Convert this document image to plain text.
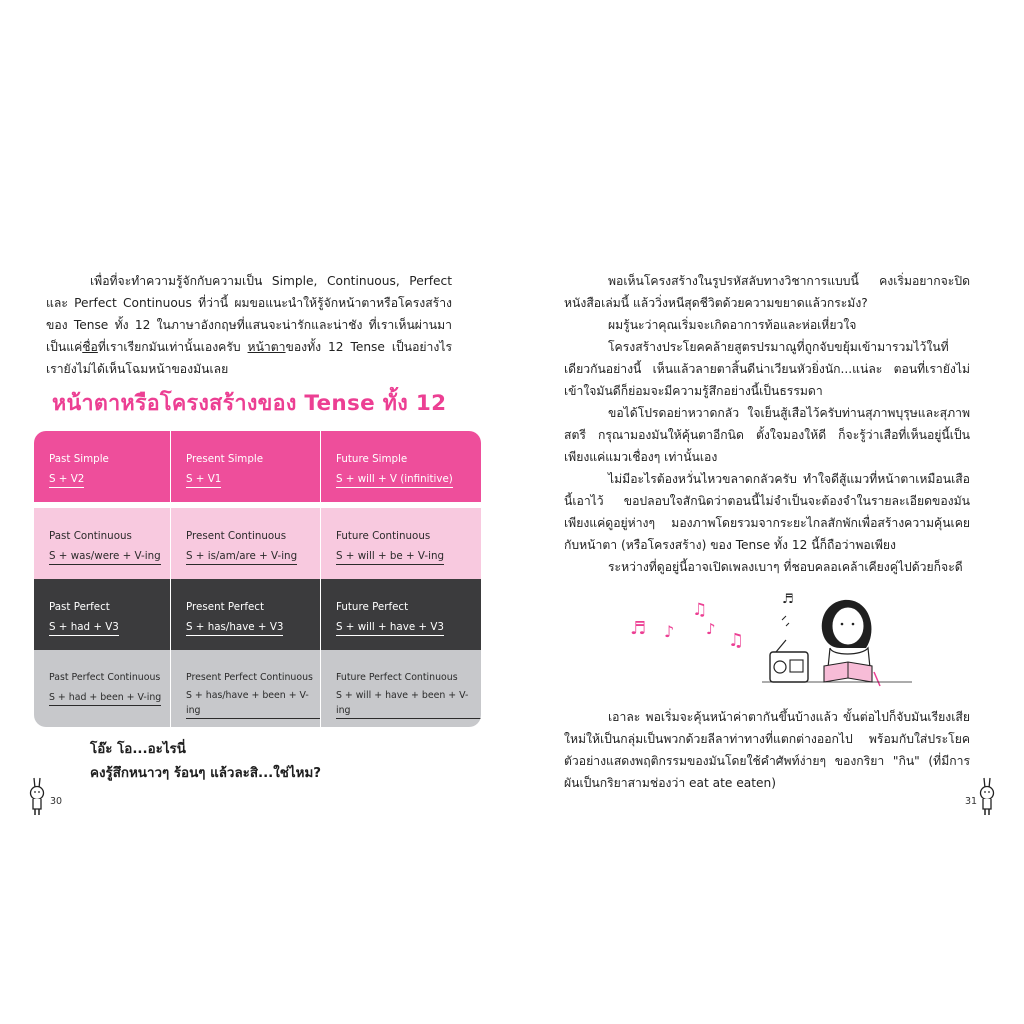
เพื่อที่จะทำความรู้จักกับความเป็น Simple, Continuous, Perfect และ Perfect Continuous ที่ว่านี้ ผมขอแนะนำให้รู้จักหน้าตาหรือโครงสร้างของ Tense ทั้ง 12 ในภาษาอังกฤษที่แสนจะน่ารักและน่าชัง ที่เราเห็นผ่านมาเป็นแค่ชื่อที่เราเรียกมันเท่านั้นเองครับ หน้าตาของทั้ง 12 Tense เป็นอย่างไร เรายังไม่ได้เห็นโฉมหน้าของมันเลย

หน้าตาหรือโครงสร้างของ Tense ทั้ง 12
Past Simple
S + V2
Present Simple
S + V1
Future Simple
S + will + V (infinitive)
Past Continuous
S + was/were + V-ing
Present Continuous
S + is/am/are + V-ing
Future Continuous
S + will + be + V-ing
Past Perfect
S + had + V3
Present Perfect
S + has/have + V3
Future Perfect
S + will + have + V3
Past Perfect Continuous
S + had + been + V-ing
Present Perfect Continuous
S + has/have + been + V-ing
Future Perfect Continuous
S + will + have + been + V-ing
โอ๊ะ โอ...อะไรนี่
คงรู้สึกหนาวๆ ร้อนๆ แล้วละสิ...ใช่ไหม?
30

พอเห็นโครงสร้างในรูปรหัสลับทางวิชาการแบบนี้ คงเริ่มอยากจะปิดหนังสือเล่มนี้ แล้ววิ่งหนีสุดชีวิตด้วยความขยาดแล้วกระมัง?

ผมรู้นะว่าคุณเริ่มจะเกิดอาการท้อและห่อเหี่ยวใจ

โครงสร้างประโยคคล้ายสูตรปรมาณูที่ถูกจับขยุ้มเข้ามารวมไว้ในที่เดียวกันอย่างนี้ เห็นแล้วลายตาสิ้นดีน่าเวียนหัวยิ่งนัก...แน่ละ ตอนที่เรายังไม่เข้าใจมันดีก็ย่อมจะมีความรู้สึกอย่างนี้เป็นธรรมดา

ขอได้โปรดอย่าหวาดกลัว ใจเย็นสู้เสือไว้ครับท่านสุภาพบุรุษและสุภาพสตรี กรุณามองมันให้คุ้นตาอีกนิด ตั้งใจมองให้ดี ก็จะรู้ว่าเสือที่เห็นอยู่นี้เป็นเพียงแค่แมวเชื่องๆ เท่านั้นเอง

ไม่มีอะไรต้องหวั่นไหวขลาดกลัวครับ ทำใจดีสู้แมวที่หน้าตาเหมือนเสือนี้เอาไว้ ขอปลอบใจสักนิดว่าตอนนี้ไม่จำเป็นจะต้องจำในรายละเอียดของมัน เพียงแค่ดูอยู่ห่างๆ มองภาพโดยรวมจากระยะไกลสักพักเพื่อสร้างความคุ้นเคยกับหน้าตา (หรือโครงสร้าง) ของ Tense ทั้ง 12 นี้ก็ถือว่าพอเพียง

ระหว่างที่ดูอยู่นี้อาจเปิดเพลงเบาๆ ที่ชอบคลอเคล้าเคียงคู่ไปด้วยก็จะดี

♬ ♪
♫
♪
♫
♬

เอาละ พอเริ่มจะคุ้นหน้าค่าตากันขึ้นบ้างแล้ว ขั้นต่อไปก็จับมันเรียงเสียใหม่ให้เป็นกลุ่มเป็นพวกด้วยลีลาท่าทางที่แตกต่างออกไป พร้อมกับใส่ประโยคตัวอย่างแสดงพฤติกรรมของมันโดยใช้คำศัพท์ง่ายๆ ของกริยา "กิน" (ที่มีการผันเป็นกริยาสามช่องว่า eat ate eaten)

31
